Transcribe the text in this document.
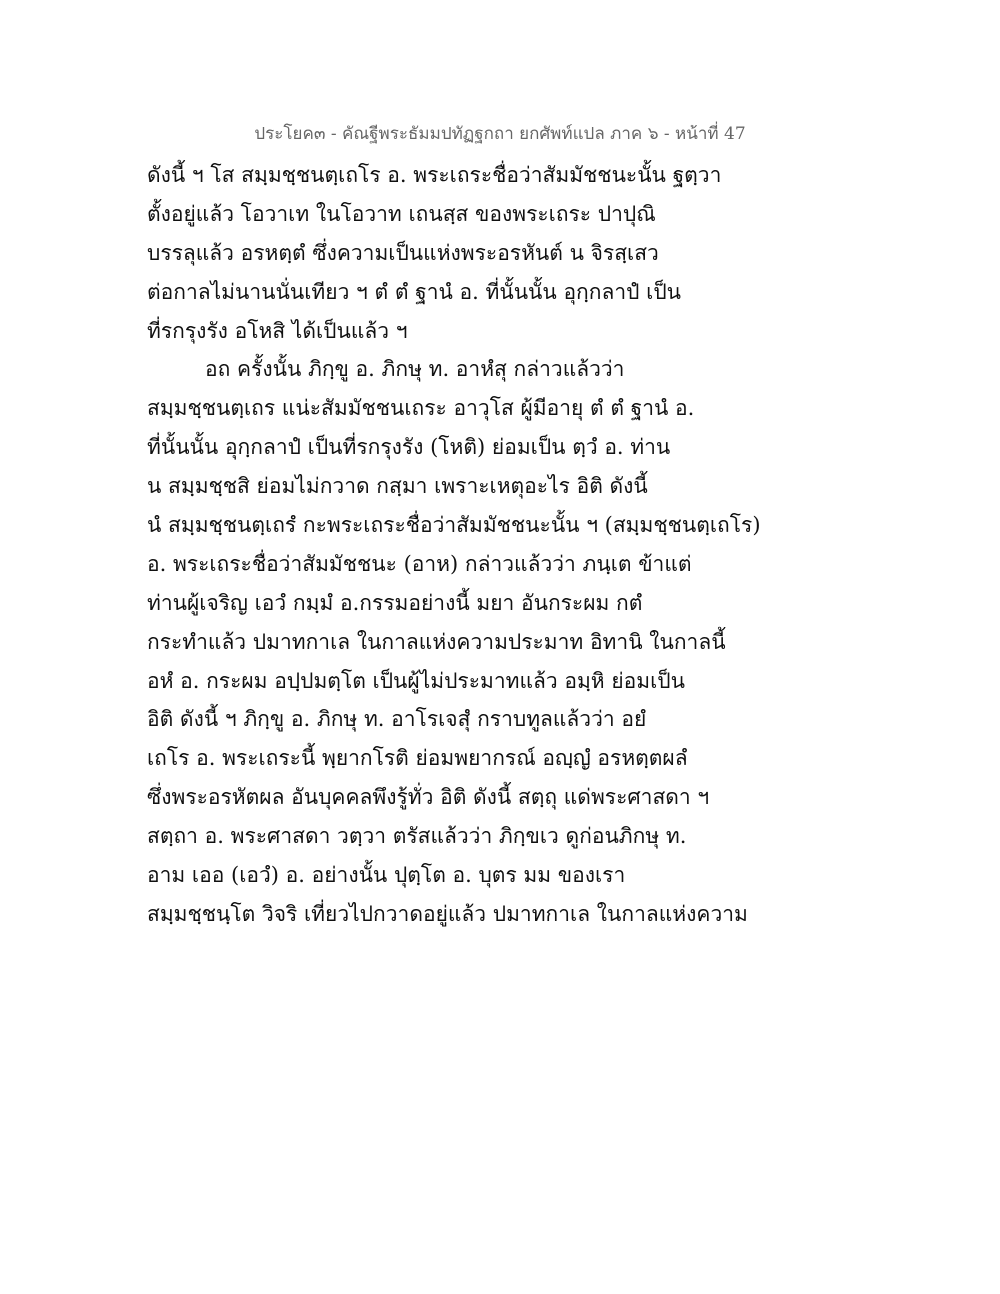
ประโยค๓ - คัณฐีพระธัมมปทัฏฐกถา ยกศัพท์แปล ภาค ๖ - หน้าที่ 47
ดังนี้ ฯ โส สมฺมชฺชนตฺเถโร อ. พระเถระชื่อว่าสัมมัชชนะนั้น ฐตฺวา
ตั้งอยู่แล้ว โอวาเท ในโอวาท เถนสฺส ของพระเถระ ปาปุณิ
บรรลุแล้ว อรหตฺตํ ซึ่งความเป็นแห่งพระอรหันต์ น จิรสฺเสว
ต่อกาลไม่นานนั่นเทียว ฯ ตํ ตํ ฐานํ อ. ที่นั้นนั้น อุกฺกลาปํ เป็น
ที่รกรุงรัง อโหสิ ได้เป็นแล้ว ฯ
อถ ครั้งนั้น ภิกฺขู อ. ภิกษุ ท. อาหํสุ กล่าวแล้วว่า
สมฺมชฺชนตฺเถร แน่ะสัมมัชชนเถระ อาวุโส ผู้มีอายุ ตํ ตํ ฐานํ อ.
ที่นั้นนั้น อุกฺกลาปํ เป็นที่รกรุงรัง (โหติ) ย่อมเป็น ตฺวํ อ. ท่าน
น สมฺมชฺชสิ ย่อมไม่กวาด กสฺมา เพราะเหตุอะไร อิติ ดังนี้
นํ สมฺมชฺชนตฺเถรํ กะพระเถระชื่อว่าสัมมัชชนะนั้น ฯ (สมฺมชฺชนตฺเถโร)
อ. พระเถระชื่อว่าสัมมัชชนะ (อาห) กล่าวแล้วว่า ภนฺเต ข้าแต่
ท่านผู้เจริญ เอวํ กมฺมํ อ.กรรมอย่างนี้ มยา อันกระผม กตํ
กระทำแล้ว ปมาทกาเล ในกาลแห่งความประมาท อิทานิ ในกาลนี้
อหํ อ. กระผม อปฺปมตฺโต เป็นผู้ไม่ประมาทแล้ว อมฺหิ ย่อมเป็น
อิติ ดังนี้ ฯ ภิกฺขู อ. ภิกษุ ท. อาโรเจสุํ กราบทูลแล้วว่า อยํ
เถโร อ. พระเถระนี้ พฺยากโรติ ย่อมพยากรณ์ อญฺญํ อรหตฺตผลํ
ซึ่งพระอรหัตผล อันบุคคลพึงรู้ทั่ว อิติ ดังนี้ สตฺถุ แด่พระศาสดา ฯ
สตฺถา อ. พระศาสดา วตฺวา ตรัสแล้วว่า ภิกฺขเว ดูก่อนภิกษุ ท.
อาม เออ (เอวํ) อ. อย่างนั้น ปุตฺโต อ. บุตร มม ของเรา
สมฺมชฺชนฺโต วิจริ เที่ยวไปกวาดอยู่แล้ว ปมาทกาเล ในกาลแห่งความ
